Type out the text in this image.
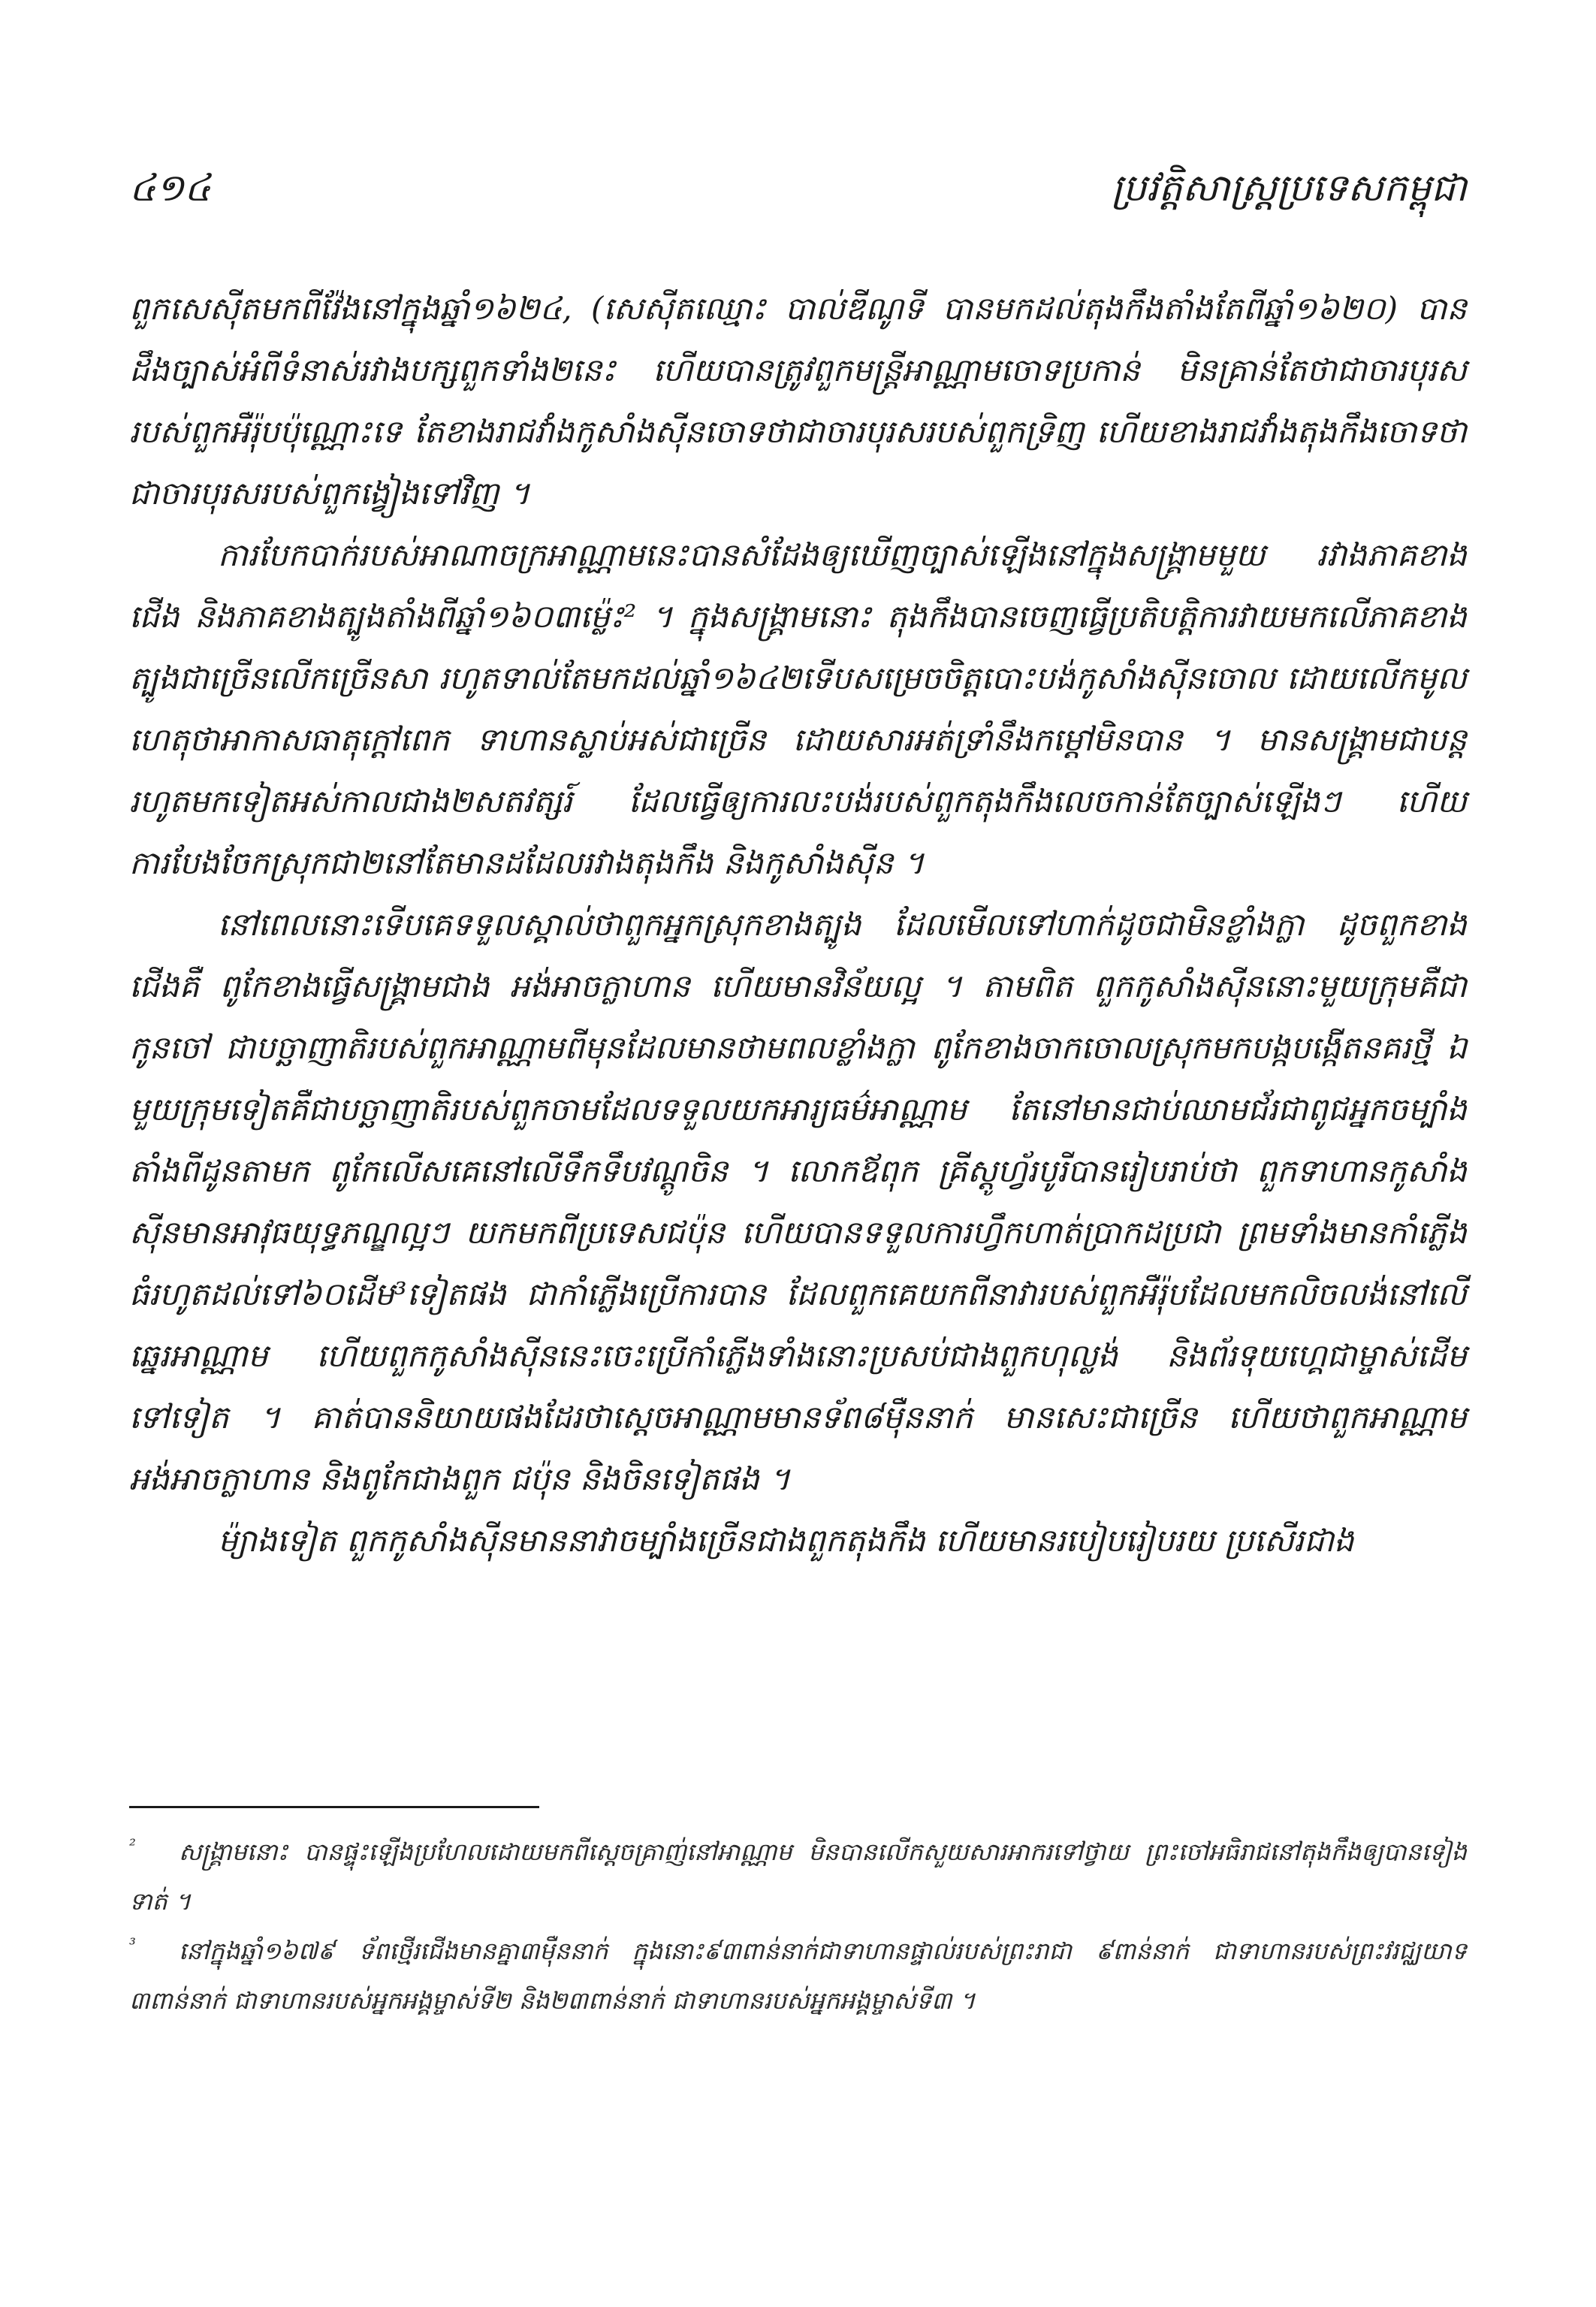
៤១៤	ប្រវត្តិសាស្ត្រប្រទេសកម្ពុជា

ពួកសេស៊ីតមកពីវ៉ែងនៅក្នុងឆ្នាំ១៦២៤, (សេស៊ីតឈ្មោះ បាល់ឌីណូទី បានមកដល់តុងកឹងតាំងតែពីឆ្នាំ១៦២០) បានដឹងច្បាស់អំពីទំនាស់រវាងបក្សពួកទាំង២នេះ ហើយបានត្រូវពួកមន្ត្រីអាណ្ណាមចោទប្រកាន់ មិនគ្រាន់តែថាជាចារបុរសរបស់ពួកអឺរ៉ុបប៉ុណ្ណោះទេ តែខាងរាជវាំងកូសាំងស៊ីនចោទថាជាចារបុរសរបស់ពួកទ្រិញ ហើយខាងរាជវាំងតុងកឹងចោទថា ជាចារបុរសរបស់ពួកង្វៀងទៅវិញ ។

ការបែកបាក់របស់អាណាចក្រអាណ្ណាមនេះបានសំដែងឲ្យឃើញច្បាស់ឡើងនៅក្នុងសង្គ្រាមមួយ រវាងភាគខាងជើង និងភាគខាងត្បូងតាំងពីឆ្នាំ១៦០៣ម៉្លេះ² ។ ក្នុងសង្គ្រាមនោះ តុងកឹងបានចេញធ្វើប្រតិបត្តិការវាយមកលើភាគខាងត្បូងជាច្រើនលើកច្រើនសា រហូតទាល់តែមកដល់ឆ្នាំ១៦៤២ទើបសម្រេចចិត្តបោះបង់កូសាំងស៊ីនចោល ដោយលើកមូលហេតុថាអាកាសធាតុក្តៅពេក ទាហានស្លាប់អស់ជាច្រើន ដោយសារអត់ទ្រាំនឹងកម្តៅមិនបាន ។ មានសង្គ្រាមជាបន្តរហូតមកទៀតអស់កាលជាង២សតវត្សរ៍ ដែលធ្វើឲ្យការលះបង់របស់ពួកតុងកឹងលេចកាន់តែច្បាស់ឡើងៗ ហើយការបែងចែកស្រុកជា២នៅតែមានដដែលរវាងតុងកឹង និងកូសាំងស៊ីន ។

នៅពេលនោះទើបគេទទួលស្គាល់ថាពួកអ្នកស្រុកខាងត្បូង ដែលមើលទៅហាក់ដូចជាមិនខ្លាំងក្លា ដូចពួកខាងជើងគឺ ពូកែខាងធ្វើសង្គ្រាមជាង អង់អាចក្លាហាន ហើយមានវិន័យល្អ ។ តាមពិត ពួកកូសាំងស៊ីននោះមួយក្រុមគឺជាកូនចៅ ជាបច្ឆាញាតិរបស់ពួកអាណ្ណាមពីមុនដែលមានថាមពលខ្លាំងក្លា ពូកែខាងចាកចោលស្រុកមកបង្កបង្កើតនគរថ្មី ឯមួយក្រុមទៀតគឺជាបច្ឆាញាតិរបស់ពួកចាមដែលទទួលយកអារ្យធម៌អាណ្ណាម តែនៅមានជាប់ឈាមជ័រជាពូជអ្នកចម្បាំងតាំងពីដូនតាមក ពូកែលើសគេនៅលើទឹកទឹបវណ្តូចិន ។ លោកឪពុក គ្រីស្តូហ្វ័របូរីបានរៀបរាប់ថា ពួកទាហានកូសាំងស៊ីនមានអាវុធយុទ្ធភណ្ឌល្អៗ យកមកពីប្រទេសជប៉ុន ហើយបានទទួលការហ្វឹកហាត់ប្រាកដប្រជា ព្រមទាំងមានកាំភ្លើងធំរហូតដល់ទៅ៦០ដើម³ទៀតផង ជាកាំភ្លើងប្រើការបាន ដែលពួកគេយកពីនាវារបស់ពួកអឺរ៉ុបដែលមកលិចលង់នៅលើឆ្នេរអាណ្ណាម ហើយពួកកូសាំងស៊ីននេះចេះប្រើកាំភ្លើងទាំងនោះប្រសប់ជាងពួកហុល្លង់ និងព័រទុយហ្គេជាម្ចាស់ដើមទៅទៀត ។ គាត់បាននិយាយផងដែរថាស្តេចអាណ្ណាមមានទ័ព៨ម៉ឺននាក់ មានសេះជាច្រើន ហើយថាពួកអាណ្ណាមអង់អាចក្លាហាន និងពូកែជាងពួក ជប៉ុន និងចិនទៀតផង ។

ម៉្យាងទៀត ពួកកូសាំងស៊ីនមាននាវាចម្បាំងច្រើនជាងពួកតុងកឹង ហើយមានរបៀបរៀបរយ ប្រសើរជាង

² សង្គ្រាមនោះ បានផ្ទុះឡើងប្រហែលដោយមកពីស្តេចគ្រាញ់នៅអាណ្ណាម មិនបានលើកសួយសារអាករទៅថ្វាយ ព្រះចៅអធិរាជនៅតុងកឹងឲ្យបានទៀងទាត់ ។

³ នៅក្នុងឆ្នាំ១៦៧៩ ទ័ពថ្មើរជើងមានគ្នា៣ម៉ឺននាក់ ក្នុងនោះ៩៣ពាន់នាក់ជាទាហានផ្ទាល់របស់ព្រះរាជា ៩ពាន់នាក់ ជាទាហានរបស់ព្រះវរជ្ឈយាទ ៣ពាន់នាក់ ជាទាហានរបស់អ្នកអង្គម្ចាស់ទី២ និង២៣ពាន់នាក់ ជាទាហានរបស់អ្នកអង្គម្ចាស់ទី៣ ។
